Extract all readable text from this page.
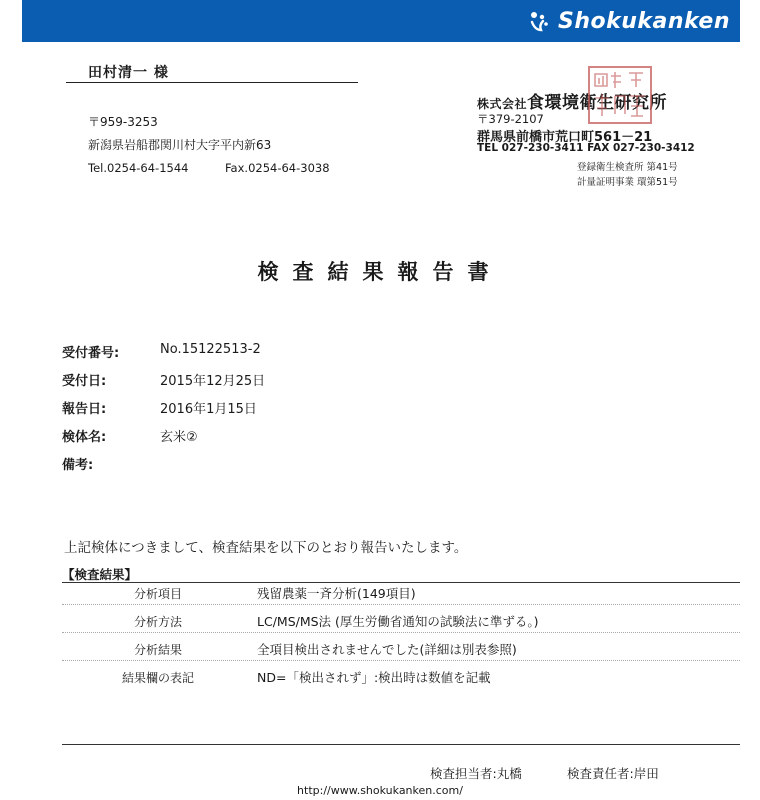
Shokukanken
田村清一 様
〒959-3253
新潟県岩船郡関川村大字平内新63
Tel.0254-64-1544	Fax.0254-64-3038
株式会社食環境衛生研究所
〒379-2107
群馬県前橋市荒口町561－21
TEL 027-230-3411 FAX 027-230-3412
登録衛生検査所 第41号
計量証明事業 環第51号
検査結果報告書
受付番号:	No.15122513-2
受付日:	2015年12月25日
報告日:	2016年1月15日
検体名:	玄米②
備考:
上記検体につきまして、検査結果を以下のとおり報告いたします。
【検査結果】
分析項目	残留農薬一斉分析(149項目)
分析方法	LC/MS/MS法 (厚生労働省通知の試験法に準ずる。)
分析結果	全項目検出されませんでした(詳細は別表参照)
結果欄の表記	ND=「検出されず」:検出時は数値を記載
検査担当者:丸橋	検査責任者:岸田
http://www.shokukanken.com/
